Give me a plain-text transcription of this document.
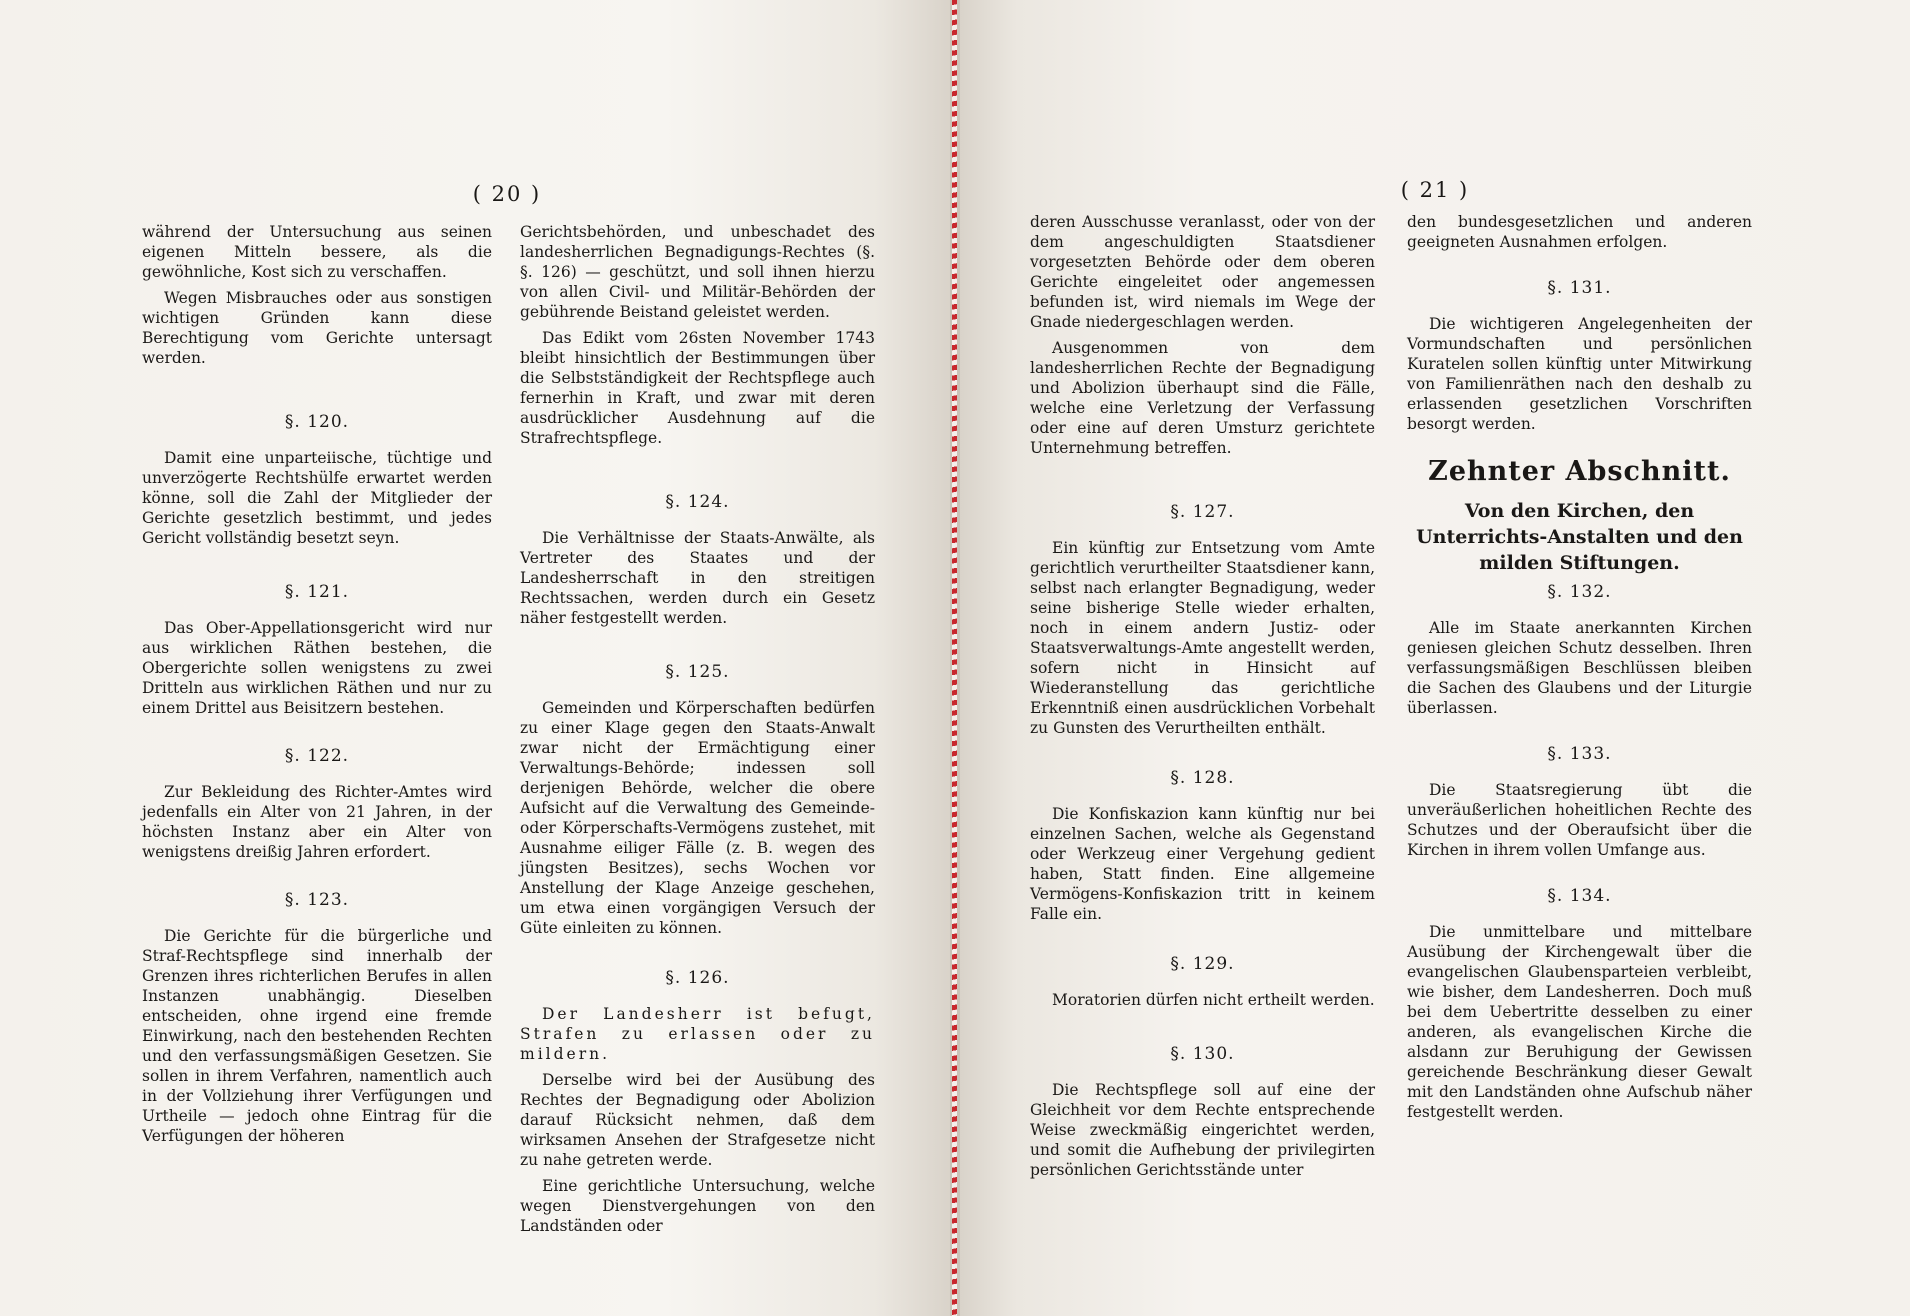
( 20 )

während der Untersuchung aus seinen eigenen Mitteln bessere, als die gewöhnliche, Kost sich zu verschaffen.

Wegen Misbrauches oder aus sonstigen wichtigen Gründen kann diese Berechtigung vom Gerichte untersagt werden.

§. 120.

Damit eine unparteiische, tüchtige und unverzögerte Rechtshülfe erwartet werden könne, soll die Zahl der Mitglieder der Gerichte gesetzlich bestimmt, und jedes Gericht vollständig besetzt seyn.

§. 121.

Das Ober-Appellationsgericht wird nur aus wirklichen Räthen bestehen, die Obergerichte sollen wenigstens zu zwei Dritteln aus wirklichen Räthen und nur zu einem Drittel aus Beisitzern bestehen.

§. 122.

Zur Bekleidung des Richter-Amtes wird jedenfalls ein Alter von 21 Jahren, in der höchsten Instanz aber ein Alter von wenigstens dreißig Jahren erfordert.

§. 123.

Die Gerichte für die bürgerliche und Straf-Rechtspflege sind innerhalb der Grenzen ihres richterlichen Berufes in allen Instanzen unabhängig. Dieselben entscheiden, ohne irgend eine fremde Einwirkung, nach den bestehenden Rechten und den verfassungsmäßigen Gesetzen. Sie sollen in ihrem Verfahren, namentlich auch in der Vollziehung ihrer Verfügungen und Urtheile — jedoch ohne Eintrag für die Verfügungen der höheren

Gerichtsbehörden, und unbeschadet des landesherrlichen Begnadigungs-Rechtes (§. §. 126) — geschützt, und soll ihnen hierzu von allen Civil- und Militär-Behörden der gebührende Beistand geleistet werden.

Das Edikt vom 26sten November 1743 bleibt hinsichtlich der Bestimmungen über die Selbstständigkeit der Rechtspflege auch fernerhin in Kraft, und zwar mit deren ausdrücklicher Ausdehnung auf die Strafrechtspflege.

§. 124.

Die Verhältnisse der Staats-Anwälte, als Vertreter des Staates und der Landesherrschaft in den streitigen Rechtssachen, werden durch ein Gesetz näher festgestellt werden.

§. 125.

Gemeinden und Körperschaften bedürfen zu einer Klage gegen den Staats-Anwalt zwar nicht der Ermächtigung einer Verwaltungs-Behörde; indessen soll derjenigen Behörde, welcher die obere Aufsicht auf die Verwaltung des Gemeinde- oder Körperschafts-Vermögens zustehet, mit Ausnahme eiliger Fälle (z. B. wegen des jüngsten Besitzes), sechs Wochen vor Anstellung der Klage Anzeige geschehen, um etwa einen vorgängigen Versuch der Güte einleiten zu können.

§. 126.

Der Landesherr ist befugt, Strafen zu erlassen oder zu mildern.

Derselbe wird bei der Ausübung des Rechtes der Begnadigung oder Abolizion darauf Rücksicht nehmen, daß dem wirksamen Ansehen der Strafgesetze nicht zu nahe getreten werde.

Eine gerichtliche Untersuchung, welche wegen Dienstvergehungen von den Landständen oder

( 21 )

deren Ausschusse veranlasst, oder von der dem angeschuldigten Staatsdiener vorgesetzten Behörde oder dem oberen Gerichte eingeleitet oder angemessen befunden ist, wird niemals im Wege der Gnade niedergeschlagen werden.

Ausgenommen von dem landesherrlichen Rechte der Begnadigung und Abolizion überhaupt sind die Fälle, welche eine Verletzung der Verfassung oder eine auf deren Umsturz gerichtete Unternehmung betreffen.

§. 127.

Ein künftig zur Entsetzung vom Amte gerichtlich verurtheilter Staatsdiener kann, selbst nach erlangter Begnadigung, weder seine bisherige Stelle wieder erhalten, noch in einem andern Justiz- oder Staatsverwaltungs-Amte angestellt werden, sofern nicht in Hinsicht auf Wiederanstellung das gerichtliche Erkenntniß einen ausdrücklichen Vorbehalt zu Gunsten des Verurtheilten enthält.

§. 128.

Die Konfiskazion kann künftig nur bei einzelnen Sachen, welche als Gegenstand oder Werkzeug einer Vergehung gedient haben, Statt finden. Eine allgemeine Vermögens-Konfiskazion tritt in keinem Falle ein.

§. 129.

Moratorien dürfen nicht ertheilt werden.

§. 130.

Die Rechtspflege soll auf eine der Gleichheit vor dem Rechte entsprechende Weise zweckmäßig eingerichtet werden, und somit die Aufhebung der privilegirten persönlichen Gerichtsstände unter

den bundesgesetzlichen und anderen geeigneten Ausnahmen erfolgen.

§. 131.

Die wichtigeren Angelegenheiten der Vormundschaften und persönlichen Kuratelen sollen künftig unter Mitwirkung von Familienräthen nach den deshalb zu erlassenden gesetzlichen Vorschriften besorgt werden.

Zehnter Abschnitt.
Von den Kirchen, den Unterrichts-Anstalten und den milden Stiftungen.
§. 132.

Alle im Staate anerkannten Kirchen geniesen gleichen Schutz desselben. Ihren verfassungsmäßigen Beschlüssen bleiben die Sachen des Glaubens und der Liturgie überlassen.

§. 133.

Die Staatsregierung übt die unveräußerlichen hoheitlichen Rechte des Schutzes und der Oberaufsicht über die Kirchen in ihrem vollen Umfange aus.

§. 134.

Die unmittelbare und mittelbare Ausübung der Kirchengewalt über die evangelischen Glaubensparteien verbleibt, wie bisher, dem Landesherren. Doch muß bei dem Uebertritte desselben zu einer anderen, als evangelischen Kirche die alsdann zur Beruhigung der Gewissen gereichende Beschränkung dieser Gewalt mit den Landständen ohne Aufschub näher festgestellt werden.
